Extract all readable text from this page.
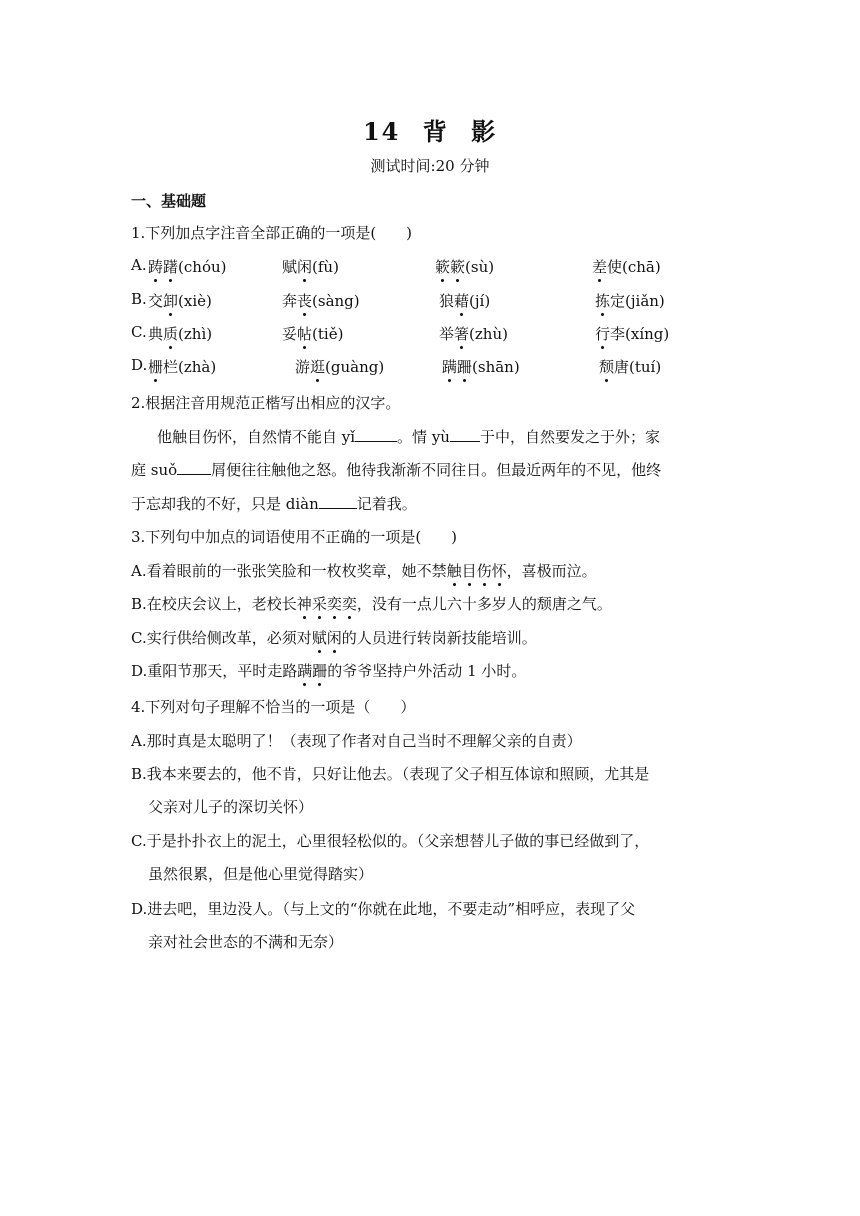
14 背 影
测试时间:20 分钟
一、基础题
1.下列加点字注音全部正确的一项是(　　)
A. 踌躇(chóu)	赋闲(fù)	簌簌(sù)	差使(chā)
B. 交卸(xiè)	奔丧(sàng)	狼藉(jí)	拣定(jiǎn)
C. 典质(zhì)	妥帖(tiě)	举箸(zhù)	行李(xíng)
D. 栅栏(zhà)	游逛(guàng)	蹒跚(shān)	颓唐(tuí)
2.根据注音用规范正楷写出相应的汉字。
他触目伤怀，自然情不能自 yǐ	。情 yù 于中，自然要发之于外；家
庭 suǒ 屑便往往触他之怒。他待我渐渐不同往日。但最近两年的不见，他终
于忘却我的不好，只是 diàn	记着我。
3.下列句中加点的词语使用不正确的一项是(　　)
A.看着眼前的一张张笑脸和一枚枚奖章，她不禁触目伤怀，喜极而泣。
B.在校庆会议上，老校长神采奕奕，没有一点儿六十多岁人的颓唐之气。
C.实行供给侧改革，必须对赋闲的人员进行转岗新技能培训。
D.重阳节那天，平时走路蹒跚的爷爷坚持户外活动 1 小时。
4.下列对句子理解不恰当的一项是（　　）
A.那时真是太聪明了！（表现了作者对自己当时不理解父亲的自责）
B.我本来要去的，他不肯，只好让他去。（表现了父子相互体谅和照顾，尤其是
父亲对儿子的深切关怀）
C.于是扑扑衣上的泥土，心里很轻松似的。（父亲想替儿子做的事已经做到了，
虽然很累，但是他心里觉得踏实）
D.进去吧，里边没人。（与上文的“你就在此地，不要走动”相呼应，表现了父
亲对社会世态的不满和无奈）
